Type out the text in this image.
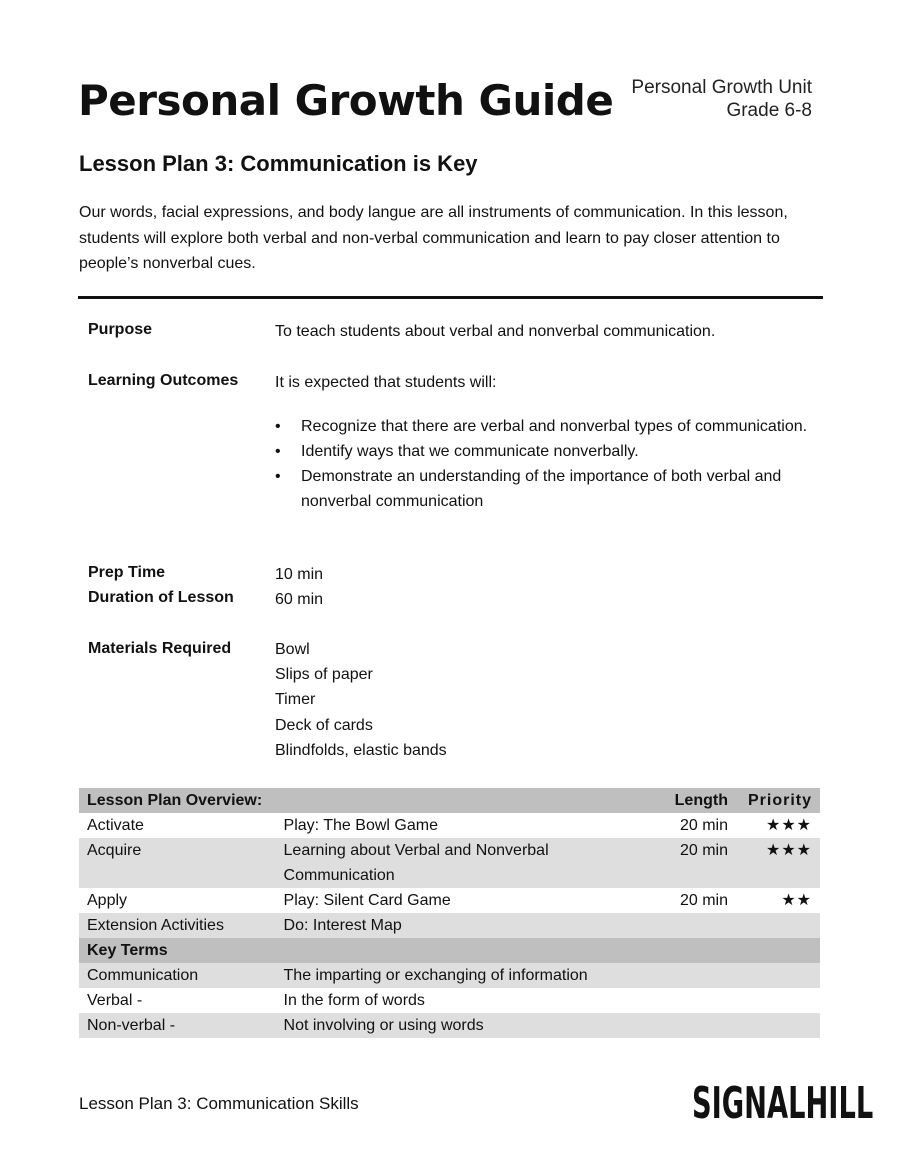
Personal Growth Guide Personal Growth Unit
Grade 6-8
Lesson Plan 3: Communication is Key

Our words, facial expressions, and body langue are all instruments of communication. In this lesson, students will explore both verbal and non-verbal communication and learn to pay closer attention to people’s nonverbal cues.

Purpose	To teach students about verbal and nonverbal communication.
Learning Outcomes It is expected that students will:
• Recognize that there are verbal and nonverbal types of communication.
• Identify ways that we communicate nonverbally.
• Demonstrate an understanding of the importance of both verbal and nonverbal communication
Prep Time	10 min
Duration of Lesson	60 min
Materials Required	Bowl
Slips of paper
Timer
Deck of cards
Blindfolds, elastic bands
Lesson Plan Overview:		Length	Priority
Activate	Play: The Bowl Game	20 min	★★★
Acquire	Learning about Verbal and Nonverbal Communication	20 min	★★★
Apply	Play: Silent Card Game	20 min	★★
Extension Activities	Do: Interest Map		
Key Terms			
Communication	The imparting or exchanging of information		
Verbal -	In the form of words		
Non-verbal -	Not involving or using words		
Lesson Plan 3: Communication Skills	SIGNALHILL
